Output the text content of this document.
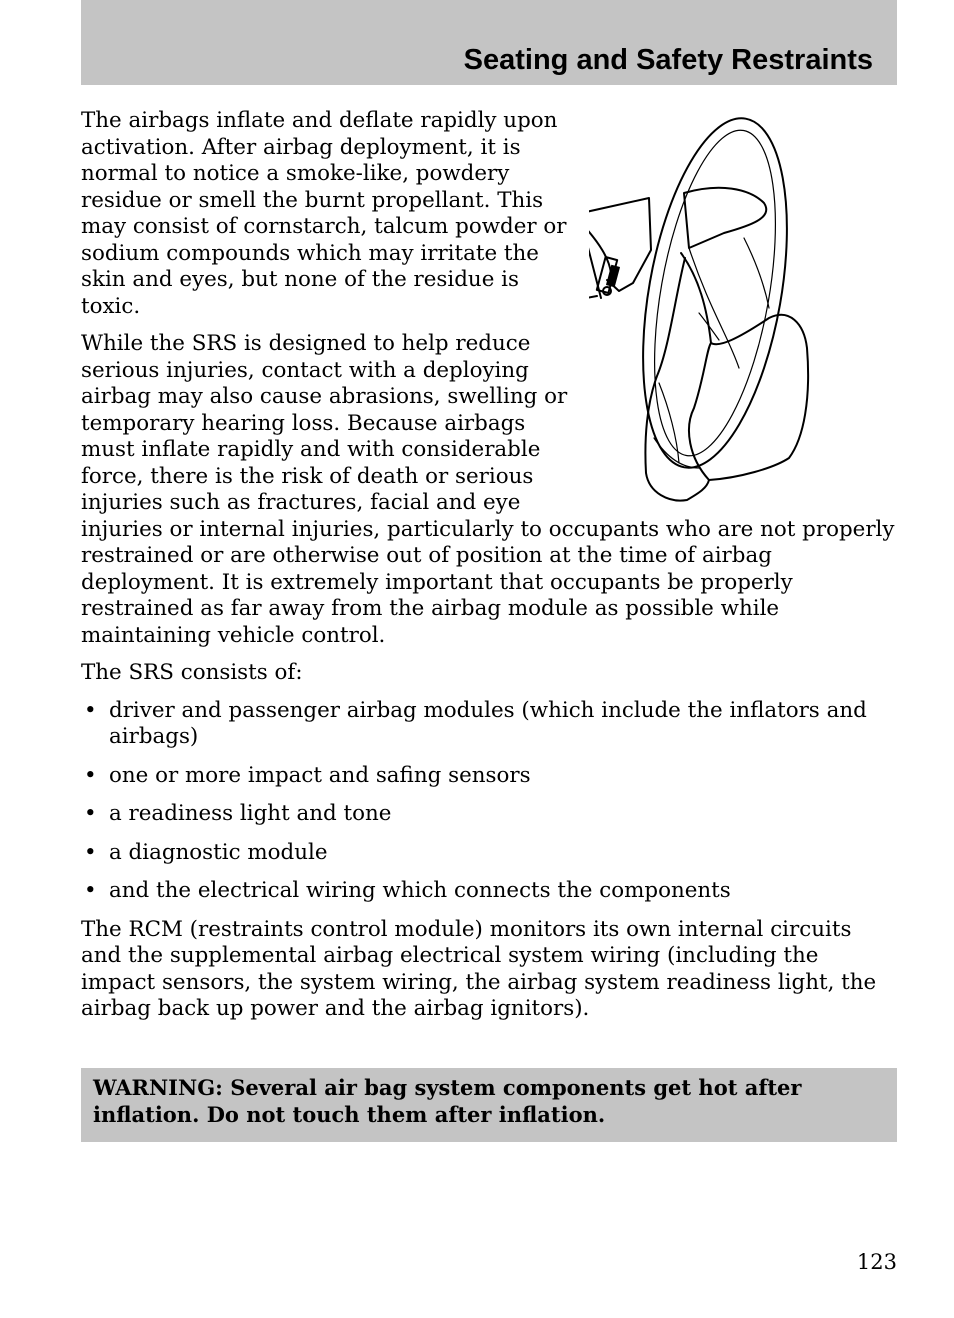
Seating and Safety Restraints

The airbags inflate and deflate rapidly upon activation. After airbag deployment, it is normal to notice a smoke-like, powdery residue or smell the burnt propellant. This may consist of cornstarch, talcum powder or sodium compounds which may irritate the skin and eyes, but none of the residue is toxic.

While the SRS is designed to help reduce serious injuries, contact with a deploying airbag may also cause abrasions, swelling or temporary hearing loss. Because airbags must inflate rapidly and with considerable force, there is the risk of death or serious injuries such as fractures, facial and eye injuries or internal injuries, particularly to occupants who are not properly restrained or are otherwise out of position at the time of airbag deployment. It is extremely important that occupants be properly restrained as far away from the airbag module as possible while maintaining vehicle control.

The SRS consists of:

• driver and passenger airbag modules (which include the inflators and airbags)
• one or more impact and safing sensors
• a readiness light and tone
• a diagnostic module
• and the electrical wiring which connects the components

The RCM (restraints control module) monitors its own internal circuits and the supplemental airbag electrical system wiring (including the impact sensors, the system wiring, the airbag system readiness light, the airbag back up power and the airbag ignitors).

WARNING: Several air bag system components get hot after inflation. Do not touch them after inflation.

123
